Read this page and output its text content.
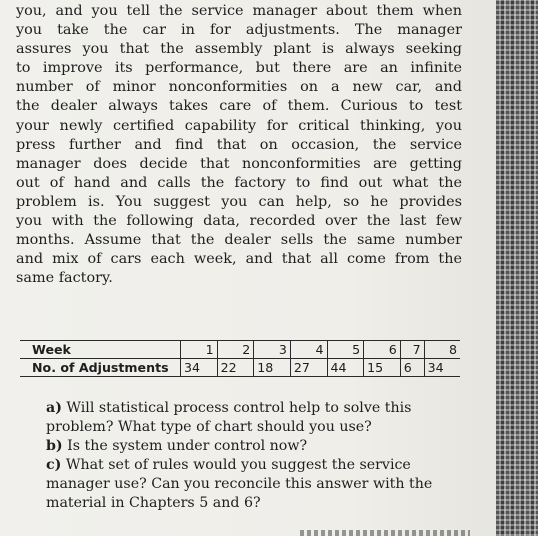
you, and you tell the service manager about them when
you take the car in for adjustments. The manager
assures you that the assembly plant is always seeking
to improve its performance, but there are an infinite
number of minor nonconformities on a new car, and
the dealer always takes care of them. Curious to test
your newly certified capability for critical thinking, you
press further and find that on occasion, the service
manager does decide that nonconformities are getting
out of hand and calls the factory to find out what the
problem is. You suggest you can help, so he provides
you with the following data, recorded over the last few
months. Assume that the dealer sells the same number
and mix of cars each week, and that all come from the
same factory.
Week	1	2	3	4	5	6	7	8
No. of Adjustments	34	22	18	27	44	15	6	34
a) Will statistical process control help to solve this
problem? What type of chart should you use?
b) Is the system under control now?
c) What set of rules would you suggest the service
manager use? Can you reconcile this answer with the
material in Chapters 5 and 6?
